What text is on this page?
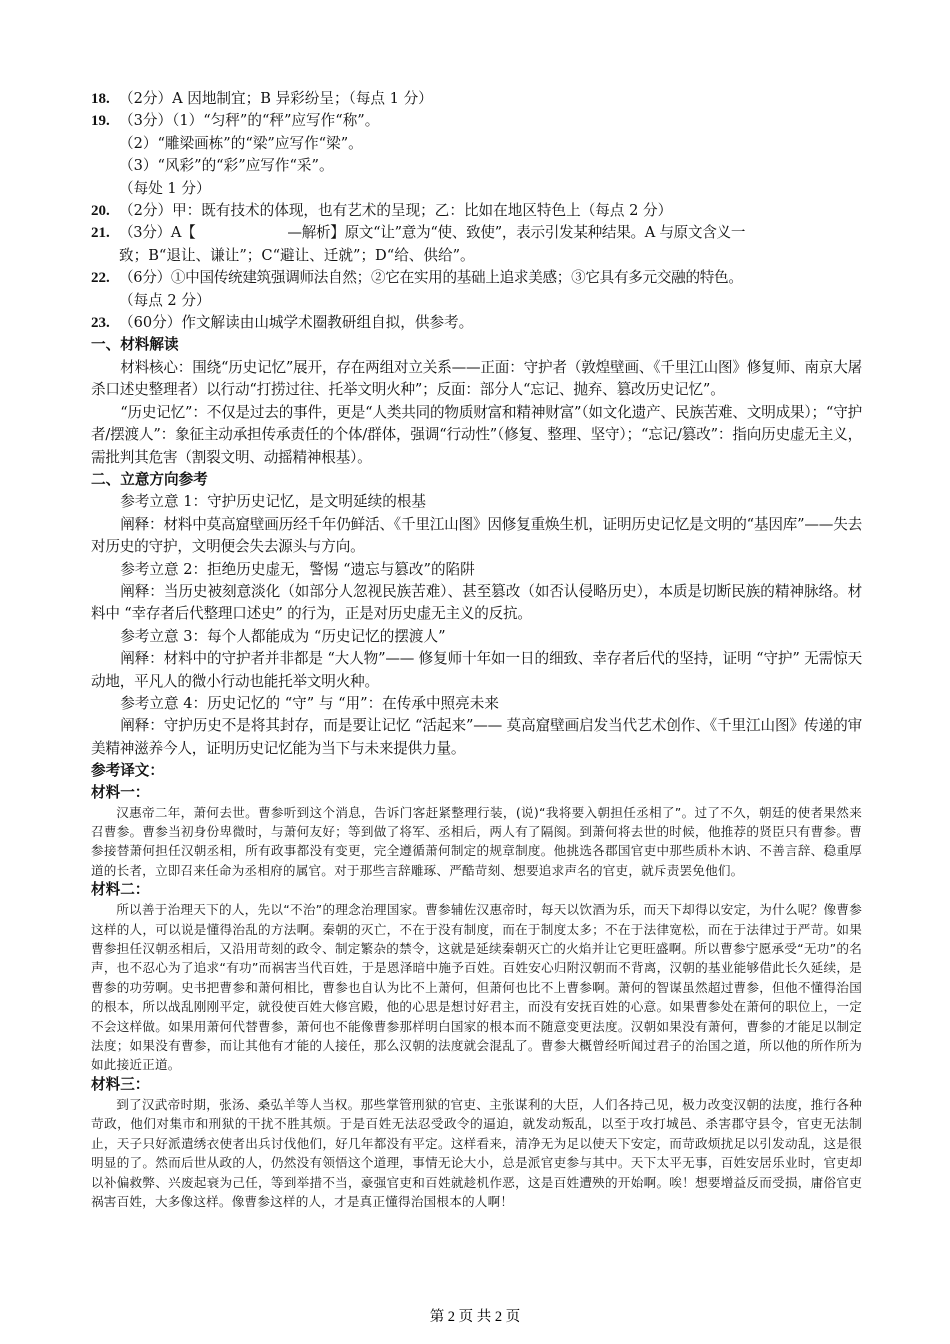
18. （2分）A 因地制宜；B 异彩纷呈；（每点 1 分）
19. （3分）（1）“匀秤”的“秤”应写作“称”。
（2）“雕梁画栋”的“梁”应写作“梁”。
（3）“风彩”的“彩”应写作“采”。
（每处 1 分）
20. （2分）甲：既有技术的体现，也有艺术的呈现；乙：比如在地区特色上（每点 2 分）
21. （3分）A【	—解析】原文“让”意为“使、致使”，表示引发某种结果。A 与原文含义一
致；B“退让、谦让”；C“避让、迁就”；D“给、供给”。
22. （6分）①中国传统建筑强调师法自然；②它在实用的基础上追求美感；③它具有多元交融的特色。
（每点 2 分）
23. （60分）作文解读由山城学术圈教研组自拟，供参考。
一、材料解读
材料核心：围绕“历史记忆”展开，存在两组对立关系——正面：守护者（敦煌壁画、《千里江山图》修复师、南京大屠杀口述史整理者）以行动“打捞过往、托举文明火种”；反面：部分人“忘记、抛弃、篡改历史记忆”。
“历史记忆”：不仅是过去的事件，更是“人类共同的物质财富和精神财富”（如文化遗产、民族苦难、文明成果）；“守护者/摆渡人”：象征主动承担传承责任的个体/群体，强调“行动性”（修复、整理、坚守）；“忘记/篡改”：指向历史虚无主义，需批判其危害（割裂文明、动摇精神根基）。
二、立意方向参考
参考立意 1：守护历史记忆，是文明延续的根基
阐释：材料中莫高窟壁画历经千年仍鲜活、《千里江山图》因修复重焕生机，证明历史记忆是文明的“基因库”——失去对历史的守护，文明便会失去源头与方向。
参考立意 2：拒绝历史虚无，警惕 “遗忘与篡改”的陷阱
阐释：当历史被刻意淡化（如部分人忽视民族苦难）、甚至篡改（如否认侵略历史），本质是切断民族的精神脉络。材料中 “幸存者后代整理口述史” 的行为，正是对历史虚无主义的反抗。
参考立意 3：每个人都能成为 “历史记忆的摆渡人”
阐释：材料中的守护者并非都是 “大人物”—— 修复师十年如一日的细致、幸存者后代的坚持，证明 “守护” 无需惊天动地，平凡人的微小行动也能托举文明火种。
参考立意 4：历史记忆的 “守” 与 “用”：在传承中照亮未来
阐释：守护历史不是将其封存，而是要让记忆 “活起来”—— 莫高窟壁画启发当代艺术创作、《千里江山图》传递的审美精神滋养今人，证明历史记忆能为当下与未来提供力量。
参考译文：
材料一：
汉惠帝二年，萧何去世。曹参听到这个消息，告诉门客赶紧整理行装，(说)“我将要入朝担任丞相了”。过了不久，朝廷的使者果然来召曹参。曹参当初身份卑微时，与萧何友好；等到做了将军、丞相后，两人有了隔阂。到萧何将去世的时候，他推荐的贤臣只有曹参。曹参接替萧何担任汉朝丞相，所有政事都没有变更，完全遵循萧何制定的规章制度。他挑选各郡国官吏中那些质朴木讷、不善言辞、稳重厚道的长者，立即召来任命为丞相府的属官。对于那些言辞雕琢、严酷苛刻、想要追求声名的官吏，就斥责罢免他们。
材料二：
所以善于治理天下的人，先以“不治”的理念治理国家。曹参辅佐汉惠帝时，每天以饮酒为乐，而天下却得以安定，为什么呢？像曹参这样的人，可以说是懂得治乱的方法啊。秦朝的灭亡，不在于没有制度，而在于制度太多；不在于法律宽松，而在于法律过于严苛。如果曹参担任汉朝丞相后，又沿用苛刻的政令、制定繁杂的禁令，这就是延续秦朝灭亡的火焰并让它更旺盛啊。所以曹参宁愿承受“无功”的名声，也不忍心为了追求“有功”而祸害当代百姓，于是恩泽暗中施予百姓。百姓安心归附汉朝而不背离，汉朝的基业能够借此长久延续，是曹参的功劳啊。史书把曹参和萧何相比，曹参也自认为比不上萧何，但萧何也比不上曹参啊。萧何的智谋虽然超过曹参，但他不懂得治国的根本，所以战乱刚刚平定，就役使百姓大修宫殿，他的心思是想讨好君主，而没有安抚百姓的心意。如果曹参处在萧何的职位上，一定不会这样做。如果用萧何代替曹参，萧何也不能像曹参那样明白国家的根本而不随意变更法度。汉朝如果没有萧何，曹参的才能足以制定法度；如果没有曹参，而让其他有才能的人接任，那么汉朝的法度就会混乱了。曹参大概曾经听闻过君子的治国之道，所以他的所作所为如此接近正道。
材料三：
到了汉武帝时期，张汤、桑弘羊等人当权。那些掌管刑狱的官吏、主张谋利的大臣，人们各持己见，极力改变汉朝的法度，推行各种苛政，他们对集市和刑狱的干扰不胜其烦。于是百姓无法忍受政令的逼迫，就发动叛乱，以至于攻打城邑、杀害郡守县令，官吏无法制止，天子只好派遣绣衣使者出兵讨伐他们，好几年都没有平定。这样看来，清净无为足以使天下安定，而苛政烦扰足以引发动乱，这是很明显的了。然而后世从政的人，仍然没有领悟这个道理，事情无论大小，总是派官吏参与其中。天下太平无事，百姓安居乐业时，官吏却以补偏救弊、兴废起衰为己任，等到举措不当，豪强官吏和百姓就趁机作恶，这是百姓遭殃的开始啊。唉！想要增益反而受损，庸俗官吏祸害百姓，大多像这样。像曹参这样的人，才是真正懂得治国根本的人啊！
第 2 页 共 2 页
